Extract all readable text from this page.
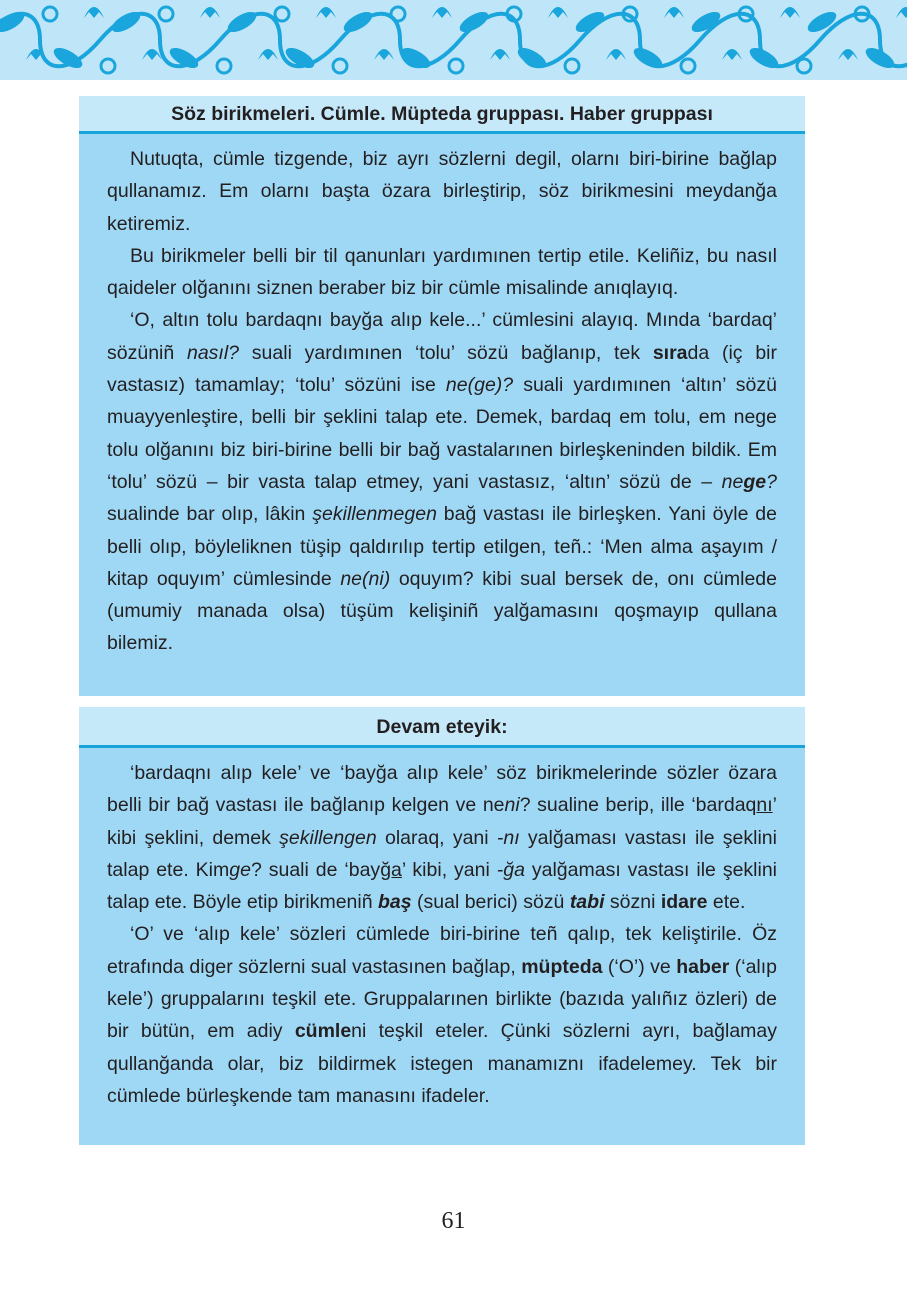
Söz birikmeleri. Cümle. Müpteda gruppası. Haber gruppası

Nutuqta, cümle tizgende, biz ayrı sözlerni degil, olarnı biri-birine bağlap qullanamız. Em olarnı başta özara birleştirip, söz birikmesini meydanğa ketiremiz.

Bu birikmeler belli bir til qanunları yardımınen tertip etile. Keliñiz, bu nasıl qaideler olğanını siznen beraber biz bir cümle misalinde anıqlayıq.

‘O, altın tolu bardaqnı bayğa alıp kele...’ cümlesini alayıq. Mında ‘bardaq’ sözüniñ nasıl? suali yardımınen ‘tolu’ sözü bağlanıp, tek sırada (iç bir vastasız) tamamlay; ‘tolu’ sözüni ise ne(ge)? suali yardımınen ‘altın’ sözü muayyenleştire, belli bir şeklini talap ete. Demek, bardaq em tolu, em nege tolu olğanını biz biri-birine belli bir bağ vastalarınen birleşkeninden bildik. Em ‘tolu’ sözü – bir vasta talap etmey, yani vastasız, ‘altın’ sözü de – nege? sualinde bar olıp, lâkin şekillenmegen bağ vastası ile birleşken. Yani öyle de belli olıp, böyleliknen tüşip qaldırılıp tertip etilgen, teñ.: ‘Men alma aşayım / kitap oquyım’ cümlesinde ne(ni) oquyım? kibi sual bersek de, onı cümlede (umumiy manada olsa) tüşüm kelişiniñ yalğamasını qoşmayıp qullana bilemiz.

Devam eteyik:

‘bardaqnı alıp kele’ ve ‘bayğa alıp kele’ söz birikmelerinde sözler özara belli bir bağ vastası ile bağlanıp kelgen ve neni? sualine berip, ille ‘bardaqnı’ kibi şeklini, demek şekillengen olaraq, yani -nı yalğaması vastası ile şeklini talap ete. Kimge? suali de ‘bayğa’ kibi, yani -ğa yalğaması vastası ile şeklini talap ete. Böyle etip birikmeniñ baş (sual berici) sözü tabi sözni idare ete.

‘O’ ve ‘alıp kele’ sözleri cümlede biri-birine teñ qalıp, tek keliştirile. Öz etrafında diger sözlerni sual vastasınen bağlap, müpteda (‘O’) ve haber (‘alıp kele’) gruppalarını teşkil ete. Gruppalarınen birlikte (bazıda yalıñız özleri) de bir bütün, em adiy cümleni teşkil eteler. Çünki sözlerni ayrı, bağlamay qullanğanda olar, biz bildirmek istegen manamıznı ifadelemey. Tek bir cümlede bürleşkende tam manasını ifadeler.

61
